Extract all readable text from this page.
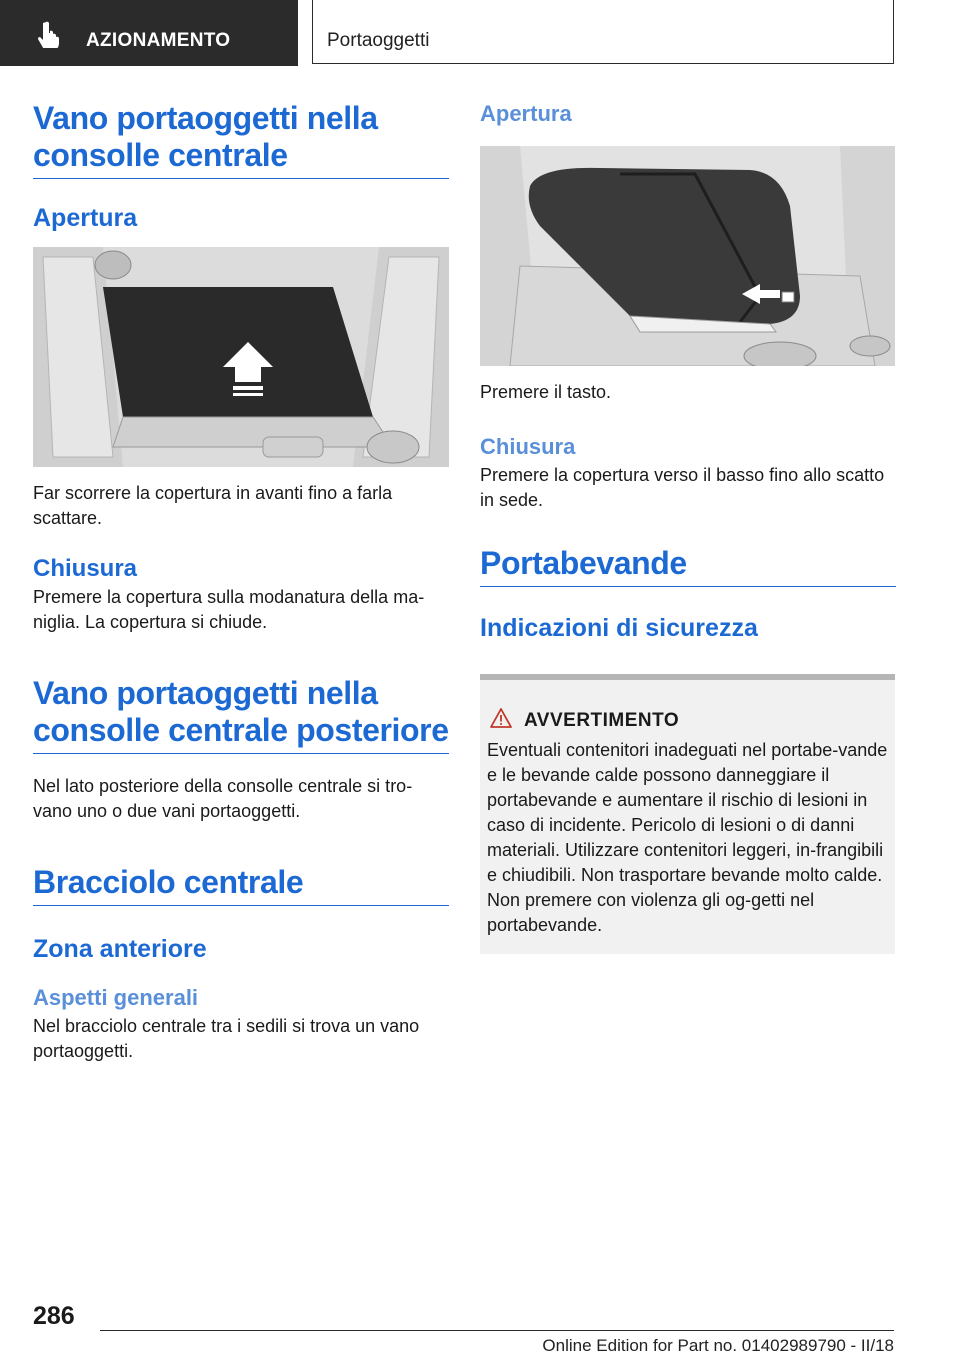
AZIONAMENTO	Portaoggetti
Vano portaoggetti nella consolle centrale
Apertura

Far scorrere la copertura in avanti fino a farla scattare.

Chiusura

Premere la copertura sulla modanatura della ma-niglia. La copertura si chiude.

Vano portaoggetti nella consolle centrale posteriore

Nel lato posteriore della consolle centrale si tro-vano uno o due vani portaoggetti.

Bracciolo centrale
Zona anteriore
Aspetti generali

Nel bracciolo centrale tra i sedili si trova un vano portaoggetti.

Apertura

Premere il tasto.

Chiusura

Premere la copertura verso il basso fino allo scatto in sede.

Portabevande
Indicazioni di sicurezza
AVVERTIMENTO
Eventuali contenitori inadeguati nel portabe-vande e le bevande calde possono danneggiare il portabevande e aumentare il rischio di lesioni in caso di incidente. Pericolo di lesioni o di danni materiali. Utilizzare contenitori leggeri, in-frangibili e chiudibili. Non trasportare bevande molto calde. Non premere con violenza gli og-getti nel portabevande.
286
Online Edition for Part no. 01402989790 - II/18
